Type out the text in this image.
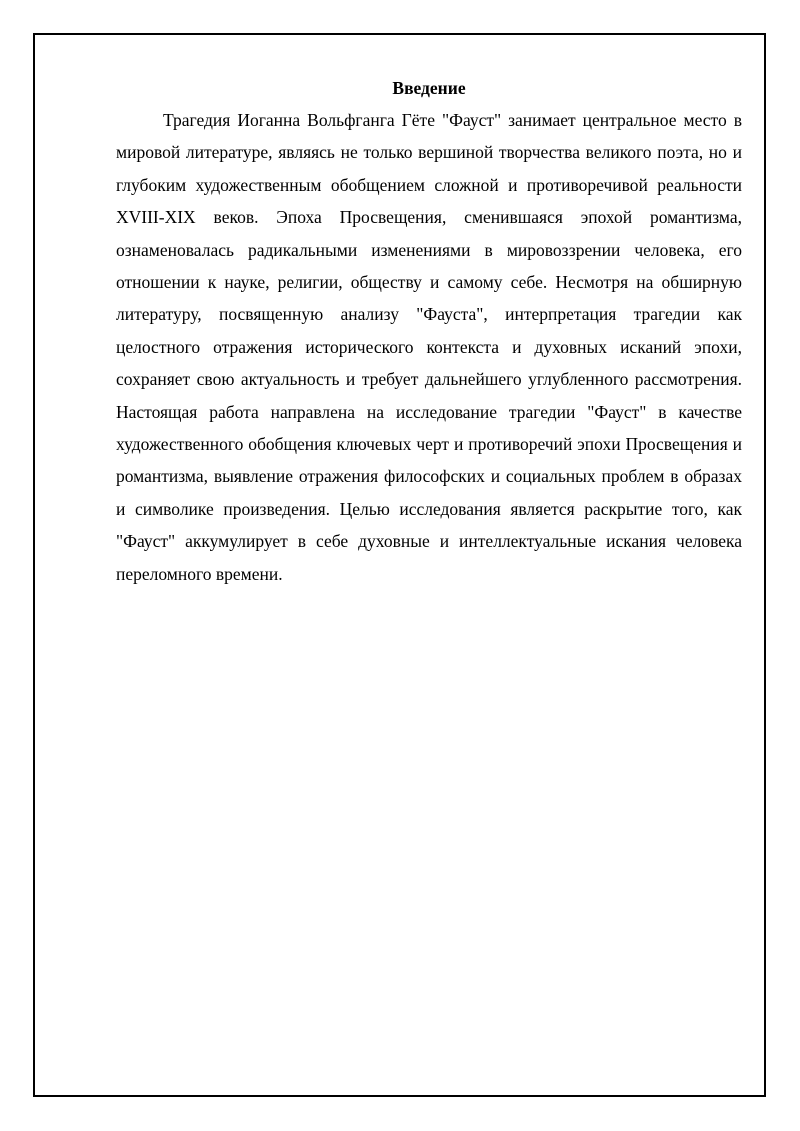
Введение

Трагедия Иоганна Вольфганга Гёте "Фауст" занимает центральное место в мировой литературе, являясь не только вершиной творчества великого поэта, но и глубоким художественным обобщением сложной и противоречивой реальности XVIII-XIX веков. Эпоха Просвещения, сменившаяся эпохой романтизма, ознаменовалась радикальными изменениями в мировоззрении человека, его отношении к науке, религии, обществу и самому себе. Несмотря на обширную литературу, посвященную анализу "Фауста", интерпретация трагедии как целостного отражения исторического контекста и духовных исканий эпохи, сохраняет свою актуальность и требует дальнейшего углубленного рассмотрения. Настоящая работа направлена на исследование трагедии "Фауст" в качестве художественного обобщения ключевых черт и противоречий эпохи Просвещения и романтизма, выявление отражения философских и социальных проблем в образах и символике произведения. Целью исследования является раскрытие того, как "Фауст" аккумулирует в себе духовные и интеллектуальные искания человека переломного времени.
